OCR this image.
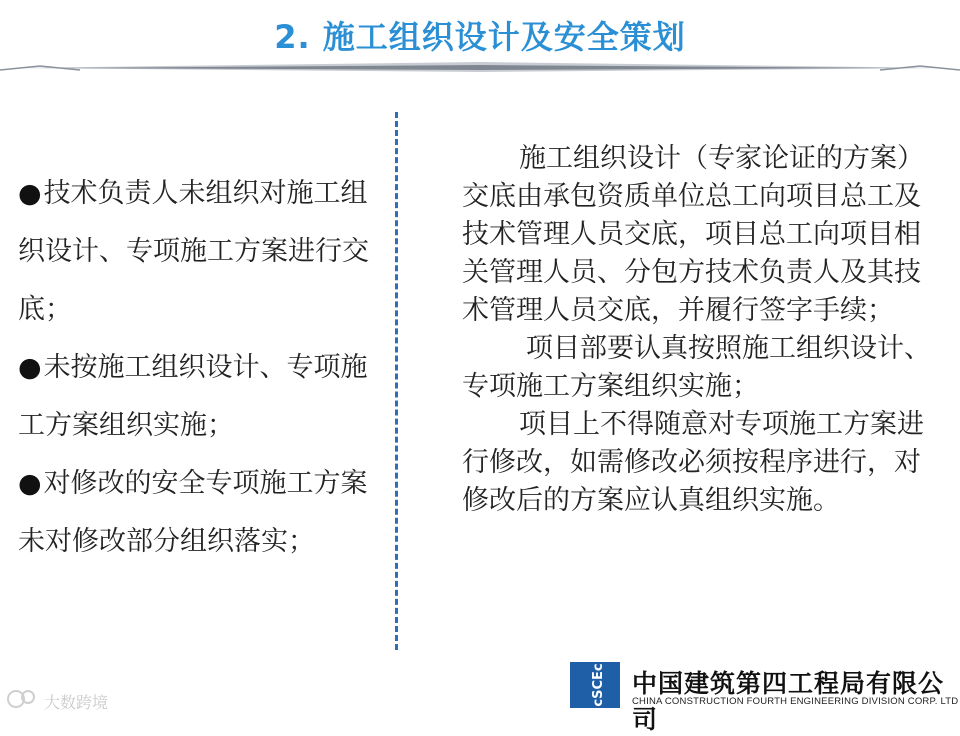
2. 施工组织设计及安全策划

●技术负责人未组织对施工组织设计、专项施工方案进行交底；

●未按施工组织设计、专项施工方案组织实施；

●对修改的安全专项施工方案未对修改部分组织落实；

施工组织设计（专家论证的方案）交底由承包资质单位总工向项目总工及技术管理人员交底，项目总工向项目相关管理人员、分包方技术负责人及其技术管理人员交底，并履行签字手续；

项目部要认真按照施工组织设计、专项施工方案组织实施；

项目上不得随意对专项施工方案进行修改，如需修改必须按程序进行，对修改后的方案应认真组织实施。

cSCEc 中国建筑第四工程局有限公司
CHINA CONSTRUCTION FOURTH ENGINEERING DIVISION CORP. LTD
大数跨境
